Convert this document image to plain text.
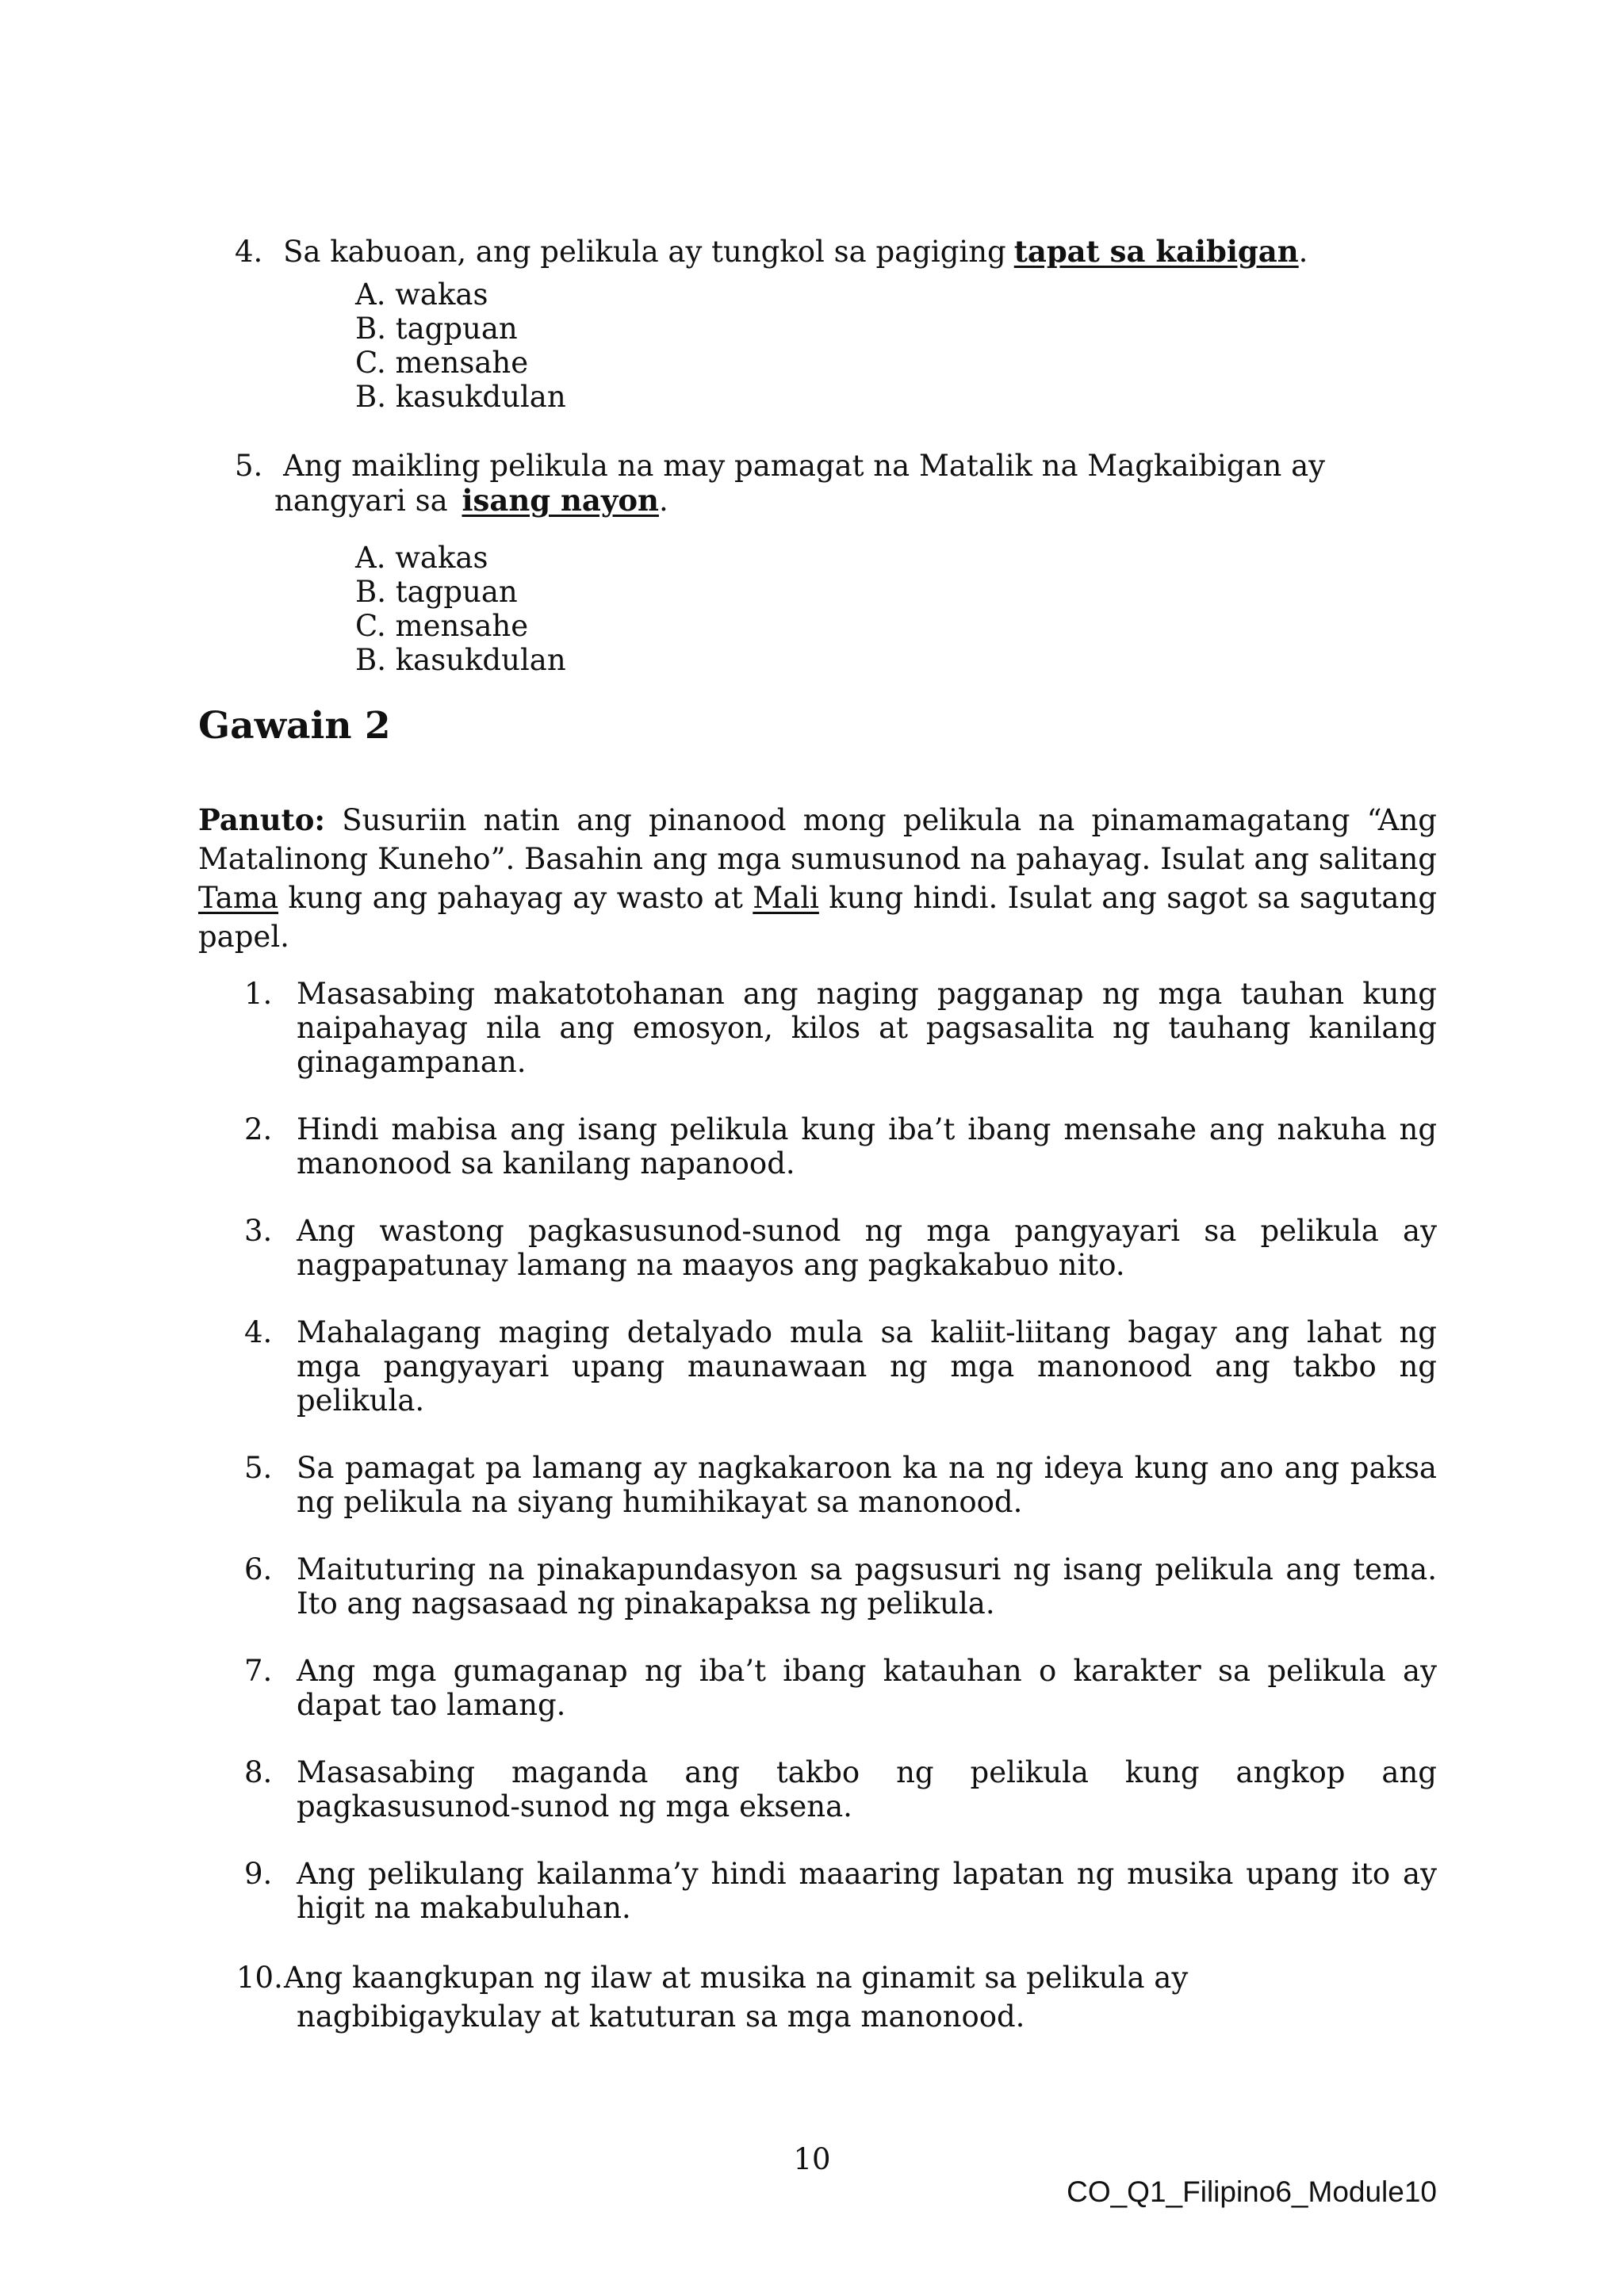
4. Sa kabuoan, ang pelikula ay tungkol sa pagiging tapat sa kaibigan.
A. wakas
B. tagpuan
C. mensahe
B. kasukdulan
5. Ang maikling pelikula na may pamagat na Matalik na Magkaibigan ay
nangyari sa isang nayon.
A. wakas
B. tagpuan
C. mensahe
B. kasukdulan
Gawain 2

Panuto: Susuriin natin ang pinanood mong pelikula na pinamamagatang “Ang Matalinong Kuneho”. Basahin ang mga sumusunod na pahayag. Isulat ang salitang Tama kung ang pahayag ay wasto at Mali kung hindi. Isulat ang sagot sa sagutang papel.

1. Masasabing makatotohanan ang naging pagganap ng mga tauhan kung naipahayag nila ang emosyon, kilos at pagsasalita ng tauhang kanilang ginagampanan.
2. Hindi mabisa ang isang pelikula kung iba’t ibang mensahe ang nakuha ng manonood sa kanilang napanood.
3. Ang wastong pagkasusunod-sunod ng mga pangyayari sa pelikula ay nagpapatunay lamang na maayos ang pagkakabuo nito.
4. Mahalagang maging detalyado mula sa kaliit-liitang bagay ang lahat ng mga pangyayari upang maunawaan ng mga manonood ang takbo ng pelikula.
5. Sa pamagat pa lamang ay nagkakaroon ka na ng ideya kung ano ang paksa ng pelikula na siyang humihikayat sa manonood.
6. Maituturing na pinakapundasyon sa pagsusuri ng isang pelikula ang tema. Ito ang nagsasaad ng pinakapaksa ng pelikula.
7. Ang mga gumaganap ng iba’t ibang katauhan o karakter sa pelikula ay dapat tao lamang.
8. Masasabing maganda ang takbo ng pelikula kung angkop ang pagkasusunod-sunod ng mga eksena.
9. Ang pelikulang kailanma’y hindi maaaring lapatan ng musika upang ito ay higit na makabuluhan.
10. Ang kaangkupan ng ilaw at musika na ginamit sa pelikula ay
nagbibigaykulay at katuturan sa mga manonood.
10
CO_Q1_Filipino6_Module10
